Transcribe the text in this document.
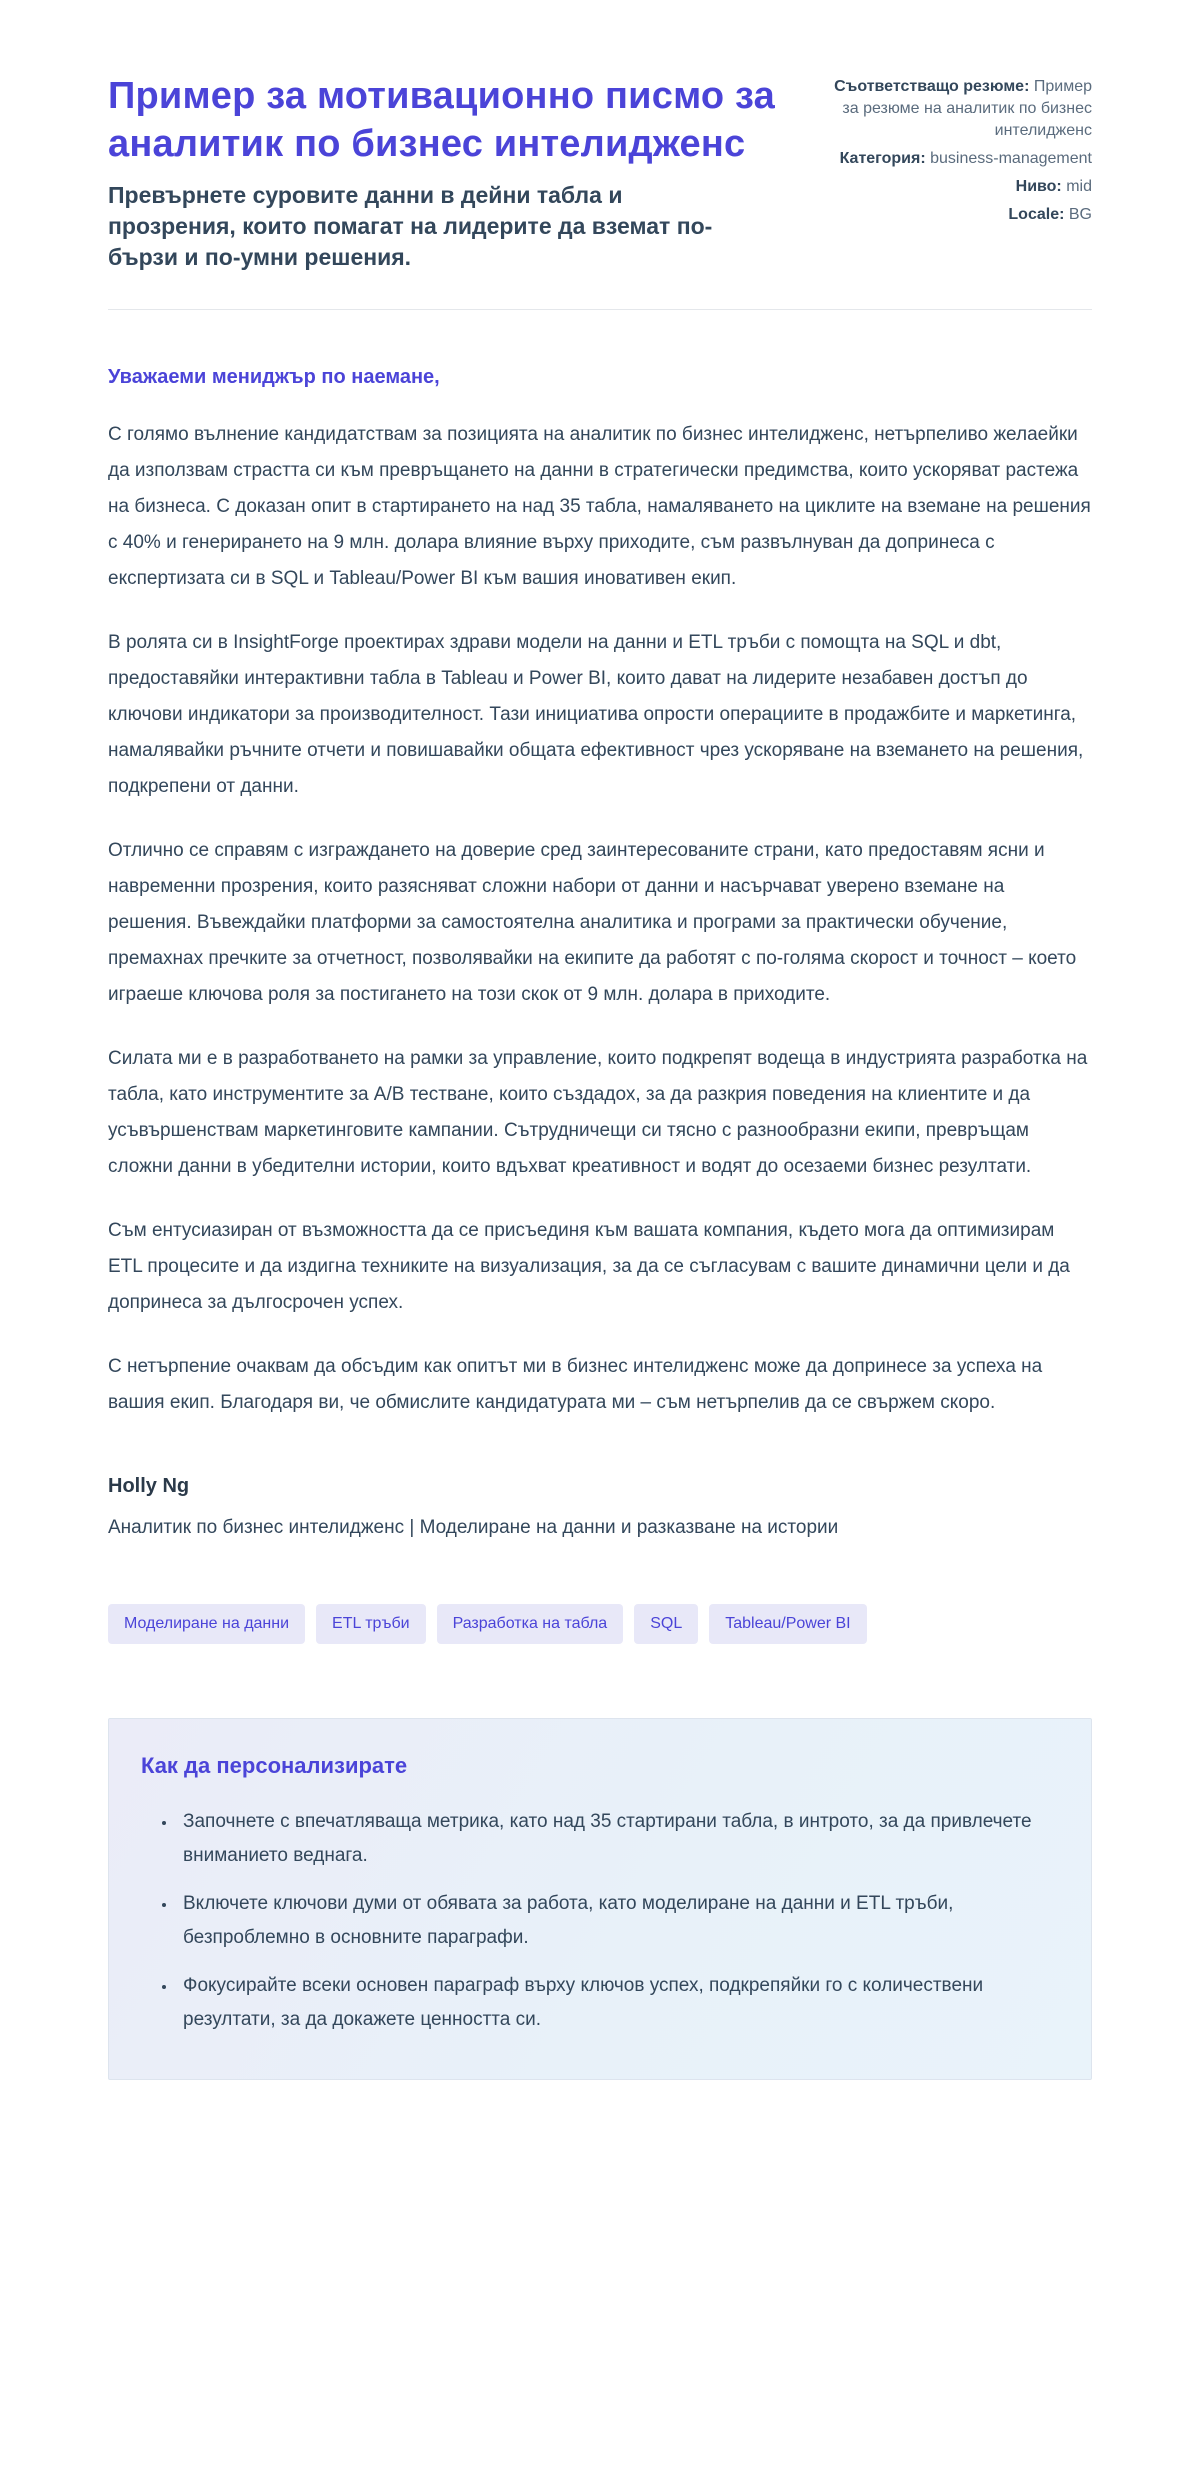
Пример за мотивационно писмо за аналитик по бизнес интелидженс

Превърнете суровите данни в дейни табла и прозрения, които помагат на лидерите да вземат по-бързи и по-умни решения.

Съответстващо резюме: Пример за резюме на аналитик по бизнес интелидженс
Категория: business-management
Ниво: mid
Locale: BG

Уважаеми мениджър по наемане,

С голямо вълнение кандидатствам за позицията на аналитик по бизнес интелидженс, нетърпеливо желаейки да използвам страстта си към превръщането на данни в стратегически предимства, които ускоряват растежа на бизнеса. С доказан опит в стартирането на над 35 табла, намаляването на циклите на вземане на решения с 40% и генерирането на 9 млн. долара влияние върху приходите, съм развълнуван да допринеса с експертизата си в SQL и Tableau/Power BI към вашия иновативен екип.

В ролята си в InsightForge проектирах здрави модели на данни и ETL тръби с помощта на SQL и dbt, предоставяйки интерактивни табла в Tableau и Power BI, които дават на лидерите незабавен достъп до ключови индикатори за производителност. Тази инициатива опрости операциите в продажбите и маркетинга, намалявайки ръчните отчети и повишавайки общата ефективност чрез ускоряване на вземането на решения, подкрепени от данни.

Отлично се справям с изграждането на доверие сред заинтересованите страни, като предоставям ясни и навременни прозрения, които разясняват сложни набори от данни и насърчават уверено вземане на решения. Въвеждайки платформи за самостоятелна аналитика и програми за практически обучение, премахнах пречките за отчетност, позволявайки на екипите да работят с по-голяма скорост и точност – което играеше ключова роля за постигането на този скок от 9 млн. долара в приходите.

Силата ми е в разработването на рамки за управление, които подкрепят водеща в индустрията разработка на табла, като инструментите за A/B тестване, които създадох, за да разкрия поведения на клиентите и да усъвършенствам маркетинговите кампании. Сътрудничещи си тясно с разнообразни екипи, превръщам сложни данни в убедителни истории, които вдъхват креативност и водят до осезаеми бизнес резултати.

Съм ентусиазиран от възможността да се присъединя към вашата компания, където мога да оптимизирам ETL процесите и да издигна техниките на визуализация, за да се съгласувам с вашите динамични цели и да допринеса за дългосрочен успех.

С нетърпение очаквам да обсъдим как опитът ми в бизнес интелидженс може да допринесе за успеха на вашия екип. Благодаря ви, че обмислите кандидатурата ми – съм нетърпелив да се свържем скоро.

Holly Ng

Аналитик по бизнес интелидженс | Моделиране на данни и разказване на истории

Моделиране на данни	ETL тръби	Разработка на табла	SQL	Tableau/Power BI
Как да персонализирате
• Започнете с впечатляваща метрика, като над 35 стартирани табла, в интрото, за да привлечете вниманието веднага.
• Включете ключови думи от обявата за работа, като моделиране на данни и ETL тръби, безпроблемно в основните параграфи.
• Фокусирайте всеки основен параграф върху ключов успех, подкрепяйки го с количествени резултати, за да докажете ценността си.
